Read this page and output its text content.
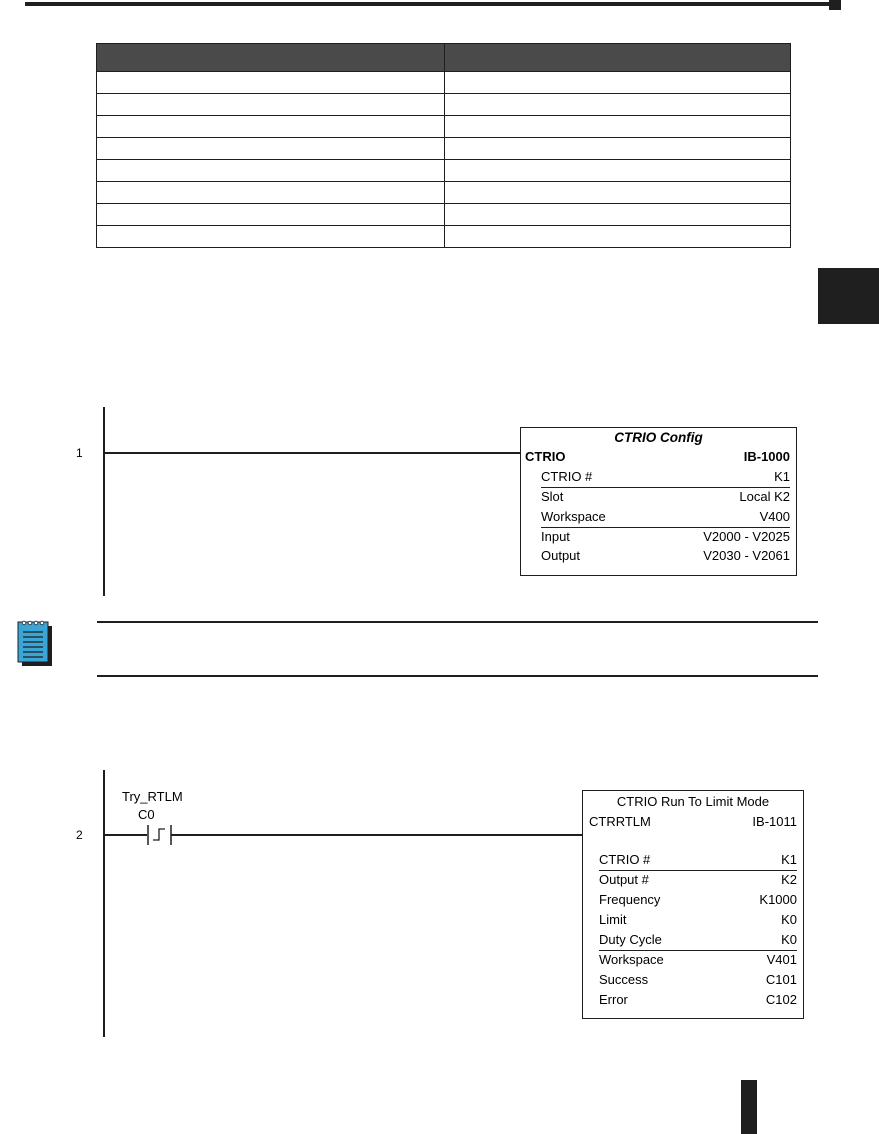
1
CTRIO Config
CTRIO	IB-1000
CTRIO #	K1
Slot	Local K2
Workspace	V400
Input	V2000 - V2025
Output	V2030 - V2061
2
Try_RTLM
C0
CTRIO Run To Limit Mode
CTRRTLM	IB-1011
CTRIO #	K1
Output #	K2
Frequency	K1000
Limit	K0
Duty Cycle	K0
Workspace	V401
Success	C101
Error	C102
